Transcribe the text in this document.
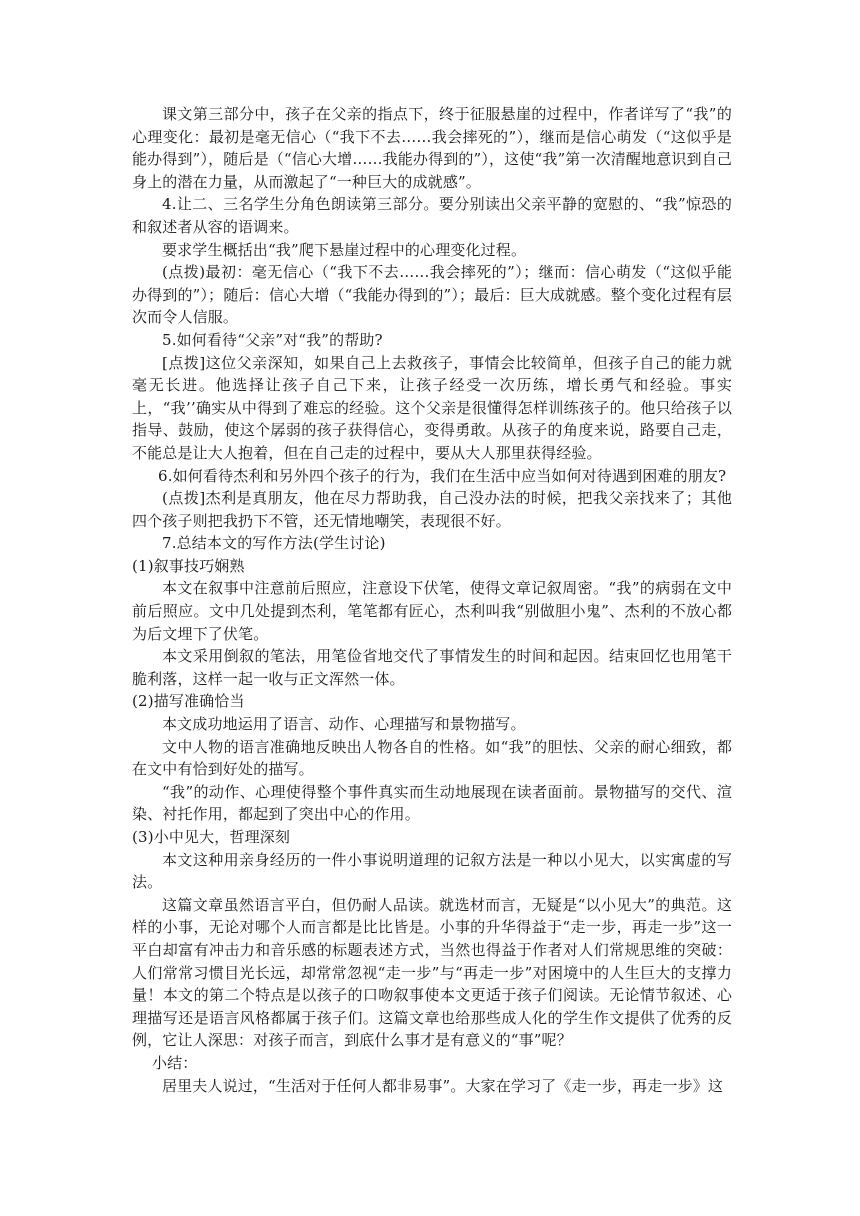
课文第三部分中，孩子在父亲的指点下，终于征服悬崖的过程中，作者详写了“我”的心理变化：最初是毫无信心（“我下不去……我会摔死的”），继而是信心萌发（“这似乎是能办得到”），随后是（“信心大增……我能办得到的”），这使“我”第一次清醒地意识到自己身上的潜在力量，从而激起了“一种巨大的成就感”。

4.让二、三名学生分角色朗读第三部分。要分别读出父亲平静的宽慰的、“我”惊恐的和叙述者从容的语调来。

要求学生概括出“我”爬下悬崖过程中的心理变化过程。

(点拨)最初：毫无信心（“我下不去……我会摔死的”）；继而：信心萌发（“这似乎能办得到的”）；随后：信心大增（“我能办得到的”）；最后：巨大成就感。整个变化过程有层次而令人信服。

5.如何看待“父亲”对“我”的帮助?

[点拨]这位父亲深知，如果自己上去救孩子，事情会比较简单，但孩子自己的能力就毫无长进。他选择让孩子自己下来，让孩子经受一次历练，增长勇气和经验。事实上，“我’’确实从中得到了难忘的经验。这个父亲是很懂得怎样训练孩子的。他只给孩子以指导、鼓励，使这个孱弱的孩子获得信心，变得勇敢。从孩子的角度来说，路要自己走，不能总是让大人抱着，但在自己走的过程中，要从大人那里获得经验。

6.如何看待杰利和另外四个孩子的行为，我们在生活中应当如何对待遇到困难的朋友?

(点拨]杰利是真朋友，他在尽力帮助我，自己没办法的时候，把我父亲找来了；其他四个孩子则把我扔下不管，还无情地嘲笑，表现很不好。

7.总结本文的写作方法(学生讨论)

(1)叙事技巧娴熟

本文在叙事中注意前后照应，注意设下伏笔，使得文章记叙周密。“我”的病弱在文中前后照应。文中几处提到杰利，笔笔都有匠心，杰利叫我“别做胆小鬼”、杰利的不放心都为后文埋下了伏笔。

本文采用倒叙的笔法，用笔俭省地交代了事情发生的时间和起因。结束回忆也用笔干脆利落，这样一起一收与正文浑然一体。

(2)描写准确恰当

本文成功地运用了语言、动作、心理描写和景物描写。

文中人物的语言准确地反映出人物各自的性格。如“我”的胆怯、父亲的耐心细致，都在文中有恰到好处的描写。

“我”的动作、心理使得整个事件真实而生动地展现在读者面前。景物描写的交代、渲染、衬托作用，都起到了突出中心的作用。

(3)小中见大，哲理深刻

本文这种用亲身经历的一件小事说明道理的记叙方法是一种以小见大，以实寓虚的写法。

这篇文章虽然语言平白，但仍耐人品读。就选材而言，无疑是“以小见大”的典范。这样的小事，无论对哪个人而言都是比比皆是。小事的升华得益于“走一步，再走一步”这一平白却富有冲击力和音乐感的标题表述方式，当然也得益于作者对人们常规思维的突破：人们常常习惯目光长远，却常常忽视“走一步”与“再走一步”对困境中的人生巨大的支撑力量！本文的第二个特点是以孩子的口吻叙事使本文更适于孩子们阅读。无论情节叙述、心理描写还是语言风格都属于孩子们。这篇文章也给那些成人化的学生作文提供了优秀的反例，它让人深思：对孩子而言，到底什么事才是有意义的“事”呢？

小结：

居里夫人说过，“生活对于任何人都非易事”。大家在学习了《走一步，再走一步》这
